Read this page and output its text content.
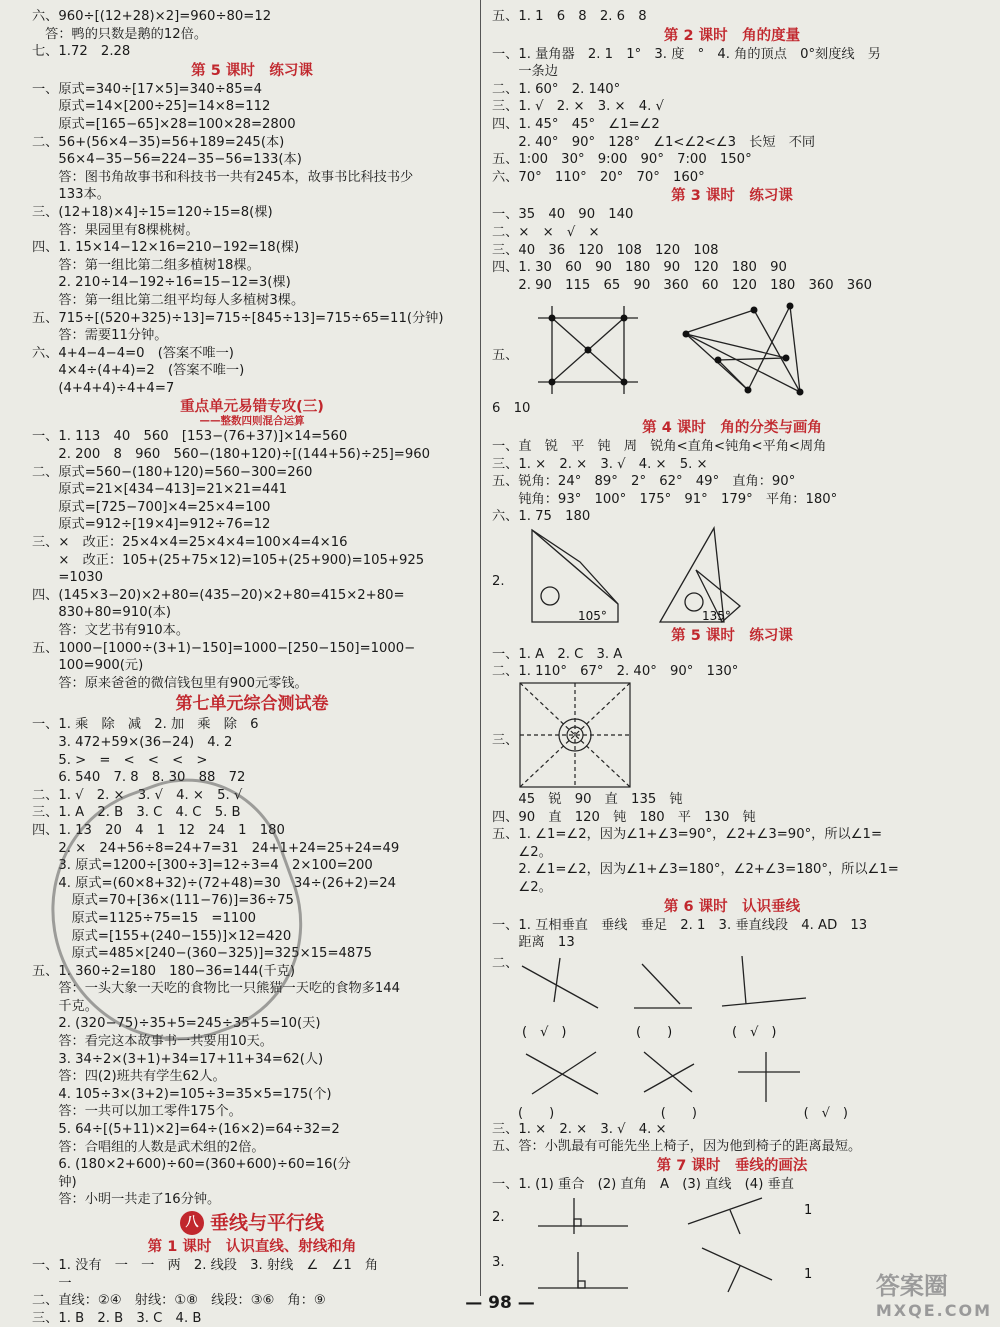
六、960÷[(12+28)×2]=960÷80=12

　答：鸭的只数是鹅的12倍。

七、1.72　2.28

第 5 课时　练习课

一、原式=340÷[17×5]=340÷85=4

　　原式=14×[200÷25]=14×8=112

　　原式=[165−65]×28=100×28=2800

二、56+(56×4−35)=56+189=245(本)

　　56×4−35−56=224−35−56=133(本)

　　答：图书角故事书和科技书一共有245本，故事书比科技书少

　　133本。

三、(12+18)×4]÷15=120÷15=8(棵)

　　答：果园里有8棵桃树。

四、1. 15×14−12×16=210−192=18(棵)

　　答：第一组比第二组多植树18棵。

　　2. 210÷14−192÷16=15−12=3(棵)

　　答：第一组比第二组平均每人多植树3棵。

五、715÷[(520+325)÷13]=715÷[845÷13]=715÷65=11(分钟)

　　答：需要11分钟。

六、4+4−4−4=0　(答案不唯一)

　　4×4÷(4+4)=2　(答案不唯一)

　　(4+4+4)÷4+4=7

重点单元易错专攻(三)

——整数四则混合运算

一、1. 113　40　560　[153−(76+37)]×14=560

　　2. 200　8　960　560−(180+120)÷[(144+56)÷25]=960

二、原式=560−(180+120)=560−300=260

　　原式=21×[434−413]=21×21=441

　　原式=[725−700]×4=25×4=100

　　原式=912÷[19×4]=912÷76=12

三、×　改正：25×4×4=25×4×4=100×4=4×16

　　×　改正：105+(25+75×12)=105+(25+900)=105+925

　　=1030

四、(145×3−20)×2+80=(435−20)×2+80=415×2+80=

　　830+80=910(本)

　　答：文艺书有910本。

五、1000−[1000÷(3+1)−150]=1000−[250−150]=1000−

　　100=900(元)

　　答：原来爸爸的微信钱包里有900元零钱。

第七单元综合测试卷

一、1. 乘　除　减　2. 加　乘　除　6

　　3. 472+59×(36−24)　4. 2

　　5. >　=　<　<　<　>

　　6. 540　7. 8　8. 30　88　72

二、1. √　2. ×　3. √　4. ×　5. √

三、1. A　2. B　3. C　4. C　5. B

四、1. 13　20　4　1　12　24　1　180

　　2. ×　24+56÷8=24+7=31　24+1+24=25+24=49

　　3. 原式=1200÷[300÷3]=12÷3=4　2×100=200

　　4. 原式=(60×8+32)÷(72+48)=30　34÷(26+2)=24

　　　原式=70+[36×(111−76)]=36÷75

　　　原式=1125÷75=15　=1100

　　　原式=[155+(240−155)]×12=420

　　　原式=485×[240−(360−325)]=325×15=4875

五、1. 360÷2=180　180−36=144(千克)

　　答：一头大象一天吃的食物比一只熊猫一天吃的食物多144

　　千克。

　　2. (320−75)÷35+5=245÷35+5=10(天)

　　答：看完这本故事书一共要用10天。

　　3. 34÷2×(3+1)+34=17+11+34=62(人)

　　答：四(2)班共有学生62人。

　　4. 105÷3×(3+2)=105÷3=35×5=175(个)

　　答：一共可以加工零件175个。

　　5. 64÷[(5+11)×2]=64÷(16×2)=64÷32=2

　　答：合唱组的人数是武术组的2倍。

　　6. (180×2+600)÷60=(360+600)÷60=16(分

　　钟)

　　答：小明一共走了16分钟。

八 垂线与平行线

第 1 课时　认识直线、射线和角

一、1. 没有　一　一　两　2. 线段　3. 射线　∠　∠1　角

　　一

二、直线：②④　射线：①⑧　线段：③⑥　角：⑨

三、1. B　2. B　3. C　4. B

五、1. 1　6　8　2. 6　8

第 2 课时　角的度量

一、1. 量角器　2. 1　1°　3. 度　°　4. 角的顶点　0°刻度线　另

　　一条边

二、1. 60°　2. 140°

三、1. √　2. ×　3. ×　4. √

四、1. 45°　45°　∠1=∠2

　　2. 40°　90°　128°　∠1<∠2<∠3　长短　不同

五、1:00　30°　9:00　90°　7:00　150°

六、70°　110°　20°　70°　160°

第 3 课时　练习课

一、35　40　90　140

二、×　×　√　×

三、40　36　120　108　120　108

四、1. 30　60　90　180　90　120　180　90

　　2. 90　115　65　90　360　60　120　180　360　360

五、

6　10

第 4 课时　角的分类与画角

一、直　锐　平　钝　周　锐角<直角<钝角<平角<周角

三、1. ×　2. ×　3. √　4. ×　5. ×

五、锐角：24°　89°　2°　62°　49°　直角：90°

　　钝角：93°　100°　175°　91°　179°　平角：180°

六、1. 75　180

2.
105°	135°

第 5 课时　练习课

一、1. A　2. C　3. A

二、1. 110°　67°　2. 40°　90°　130°

三、

　　45　锐　90　直　135　钝

四、90　直　120　钝　180　平　130　钝

五、1. ∠1=∠2，因为∠1+∠3=90°，∠2+∠3=90°，所以∠1=

　　∠2。

　　2. ∠1=∠2，因为∠1+∠3=180°，∠2+∠3=180°，所以∠1=

　　∠2。

第 6 课时　认识垂线

一、1. 互相垂直　垂线　垂足　2. 1　3. 垂直线段　4. AD　13

　　距离　13

二、
(　√　)	(　　)	(　√　)
(　　)	(　　)	(　√　)

三、1. ×　2. ×　3. √　4. ×

五、答：小凯最有可能先坐上椅子，因为他到椅子的距离最短。

第 7 课时　垂线的画法

一、1. (1) 重合　(2) 直角　A　(3) 直线　(4) 垂直

2.	1
1

3.

— 98 —
答案圈
MXQE.COM
